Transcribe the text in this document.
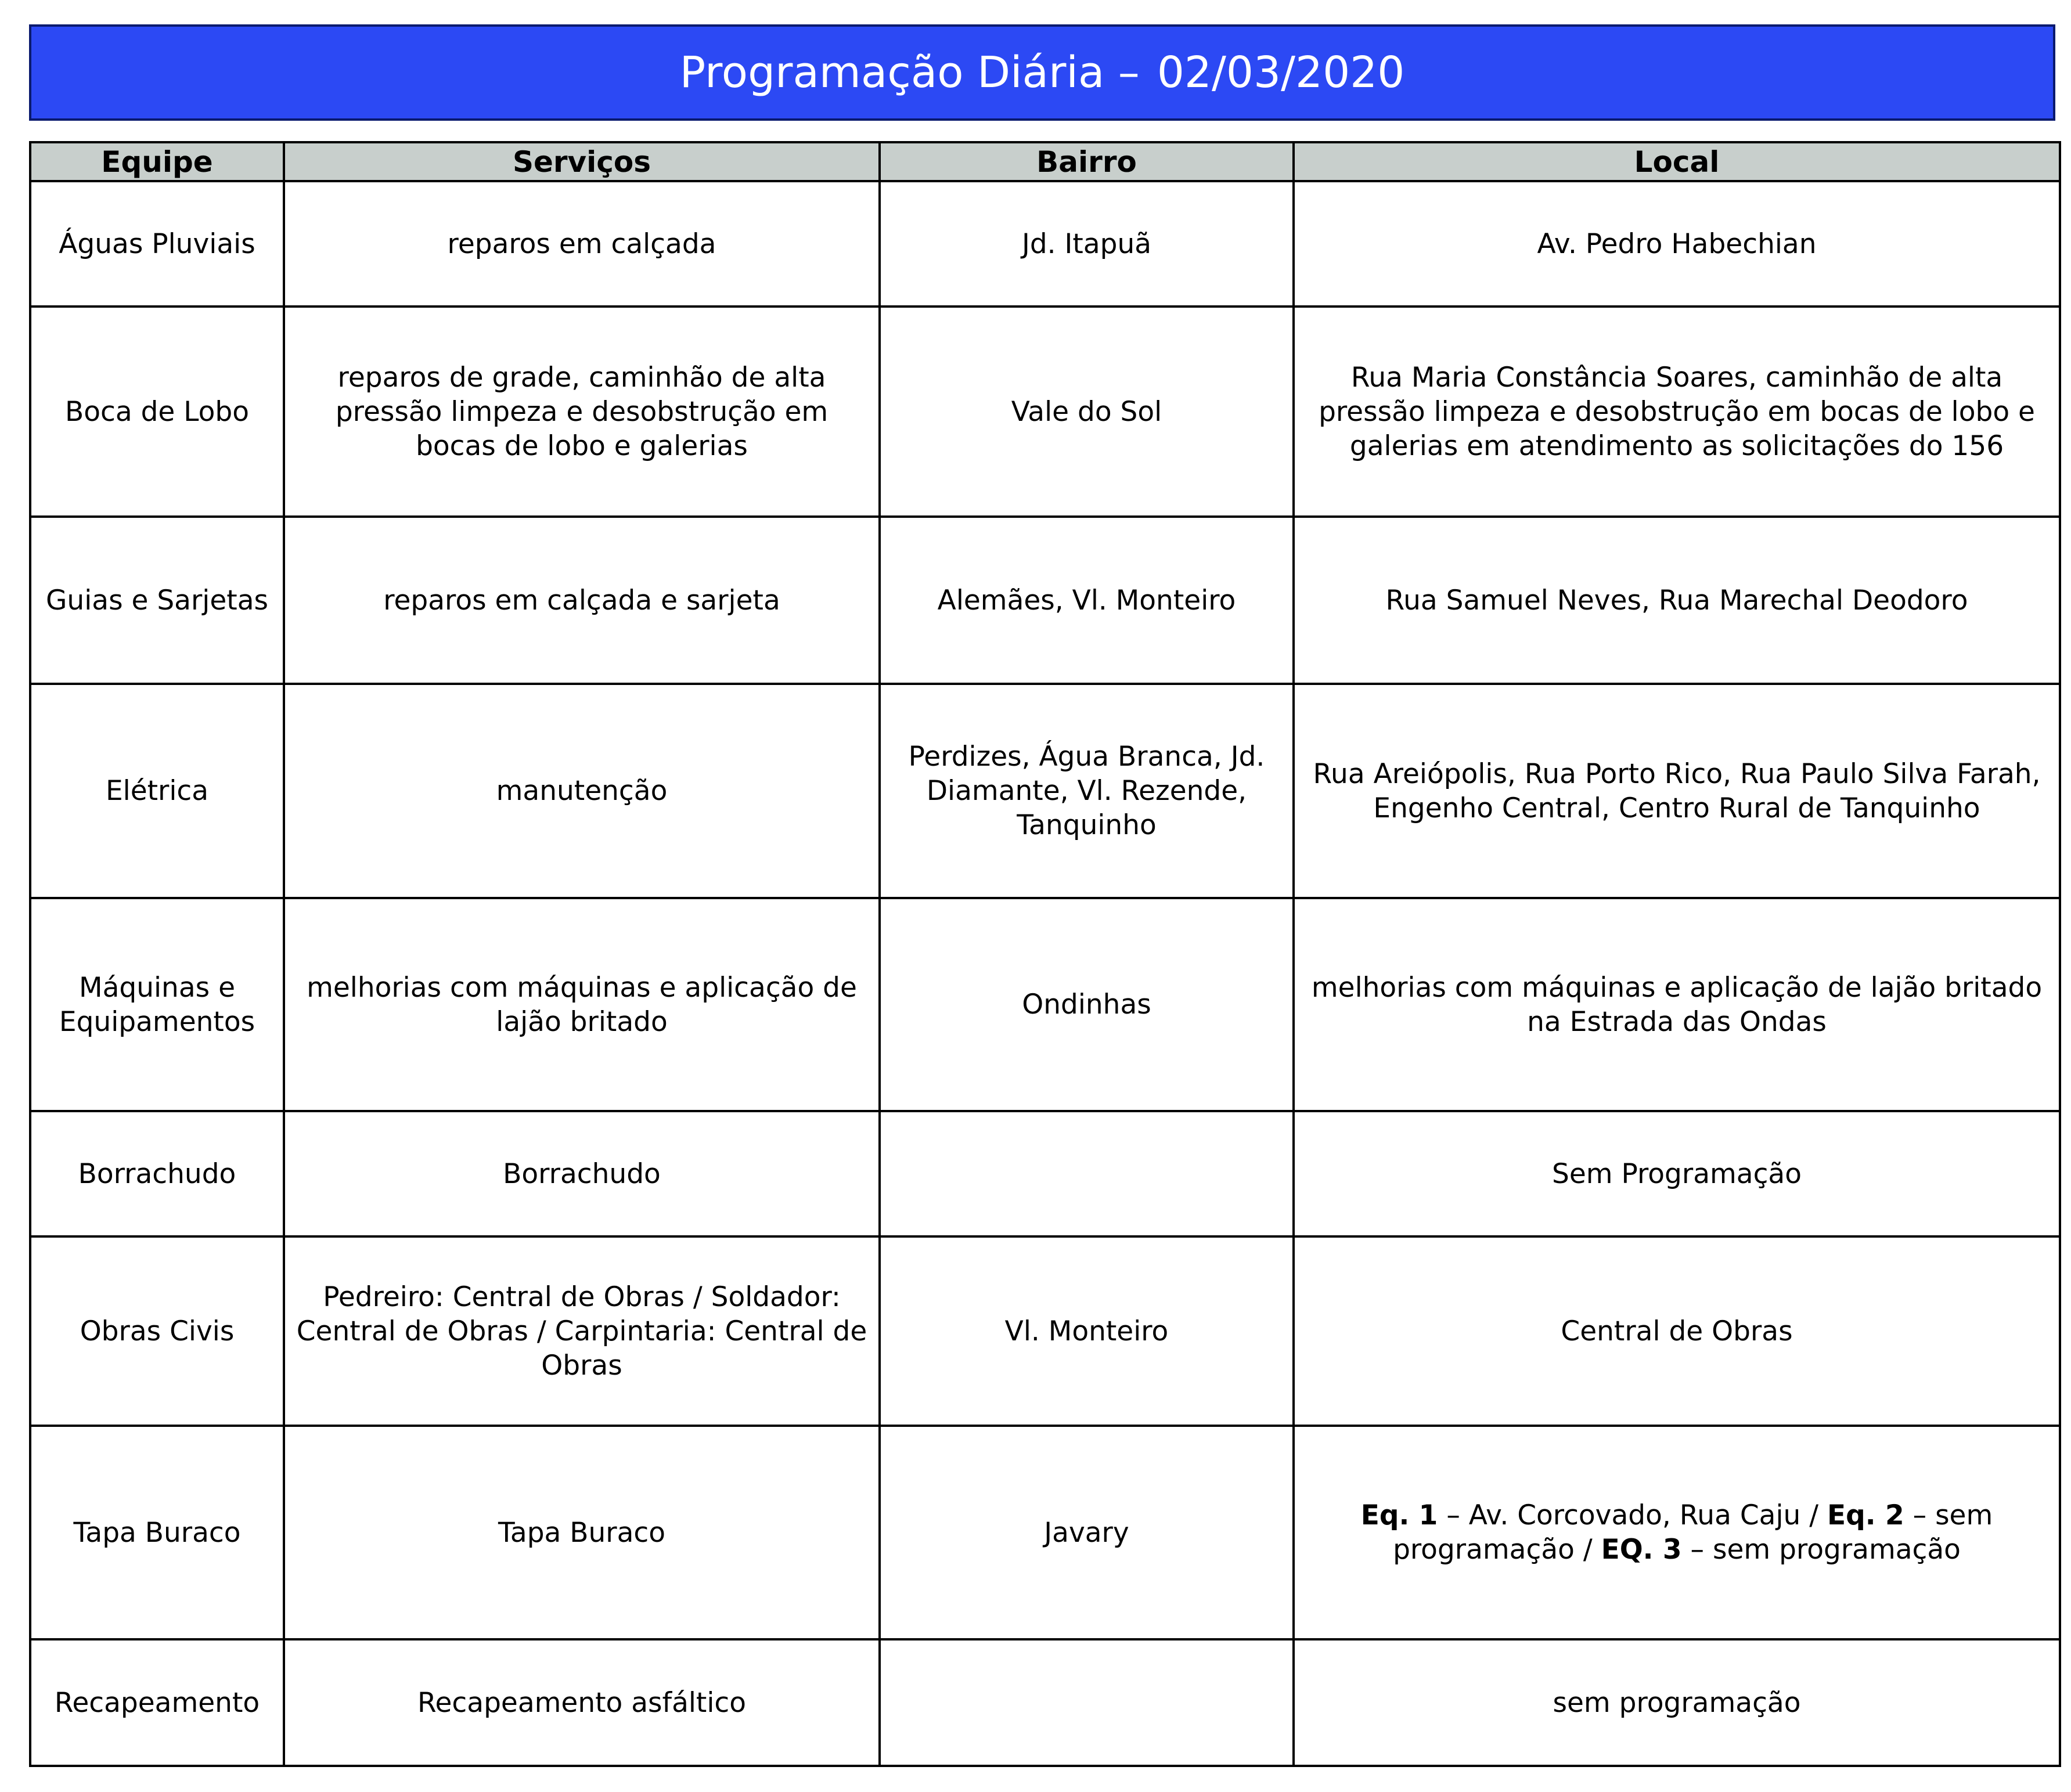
Programação Diária – 02/03/2020
Equipe	Serviços	Bairro	Local
Águas Pluviais	reparos em calçada	Jd. Itapuã	Av. Pedro Habechian
Boca de Lobo	reparos de grade, caminhão de alta pressão limpeza e desobstrução em bocas de lobo e galerias	Vale do Sol	Rua Maria Constância Soares, caminhão de alta pressão limpeza e desobstrução em bocas de lobo e galerias em atendimento as solicitações do 156
Guias e Sarjetas	reparos em calçada e sarjeta	Alemães, Vl. Monteiro	Rua Samuel Neves, Rua Marechal Deodoro
Elétrica	manutenção	Perdizes, Água Branca, Jd. Diamante, Vl. Rezende, Tanquinho	Rua Areiópolis, Rua Porto Rico, Rua Paulo Silva Farah, Engenho Central, Centro Rural de Tanquinho
Máquinas e Equipamentos	melhorias com máquinas e aplicação de lajão britado	Ondinhas	melhorias com máquinas e aplicação de lajão britado na Estrada das Ondas
Borrachudo	Borrachudo		Sem Programação
Obras Civis	Pedreiro: Central de Obras / Soldador: Central de Obras / Carpintaria: Central de Obras	Vl. Monteiro	Central de Obras
Tapa Buraco	Tapa Buraco	Javary	Eq. 1 – Av. Corcovado, Rua Caju / Eq. 2 – sem programação / EQ. 3 – sem programação
Recapeamento	Recapeamento asfáltico		sem programação
